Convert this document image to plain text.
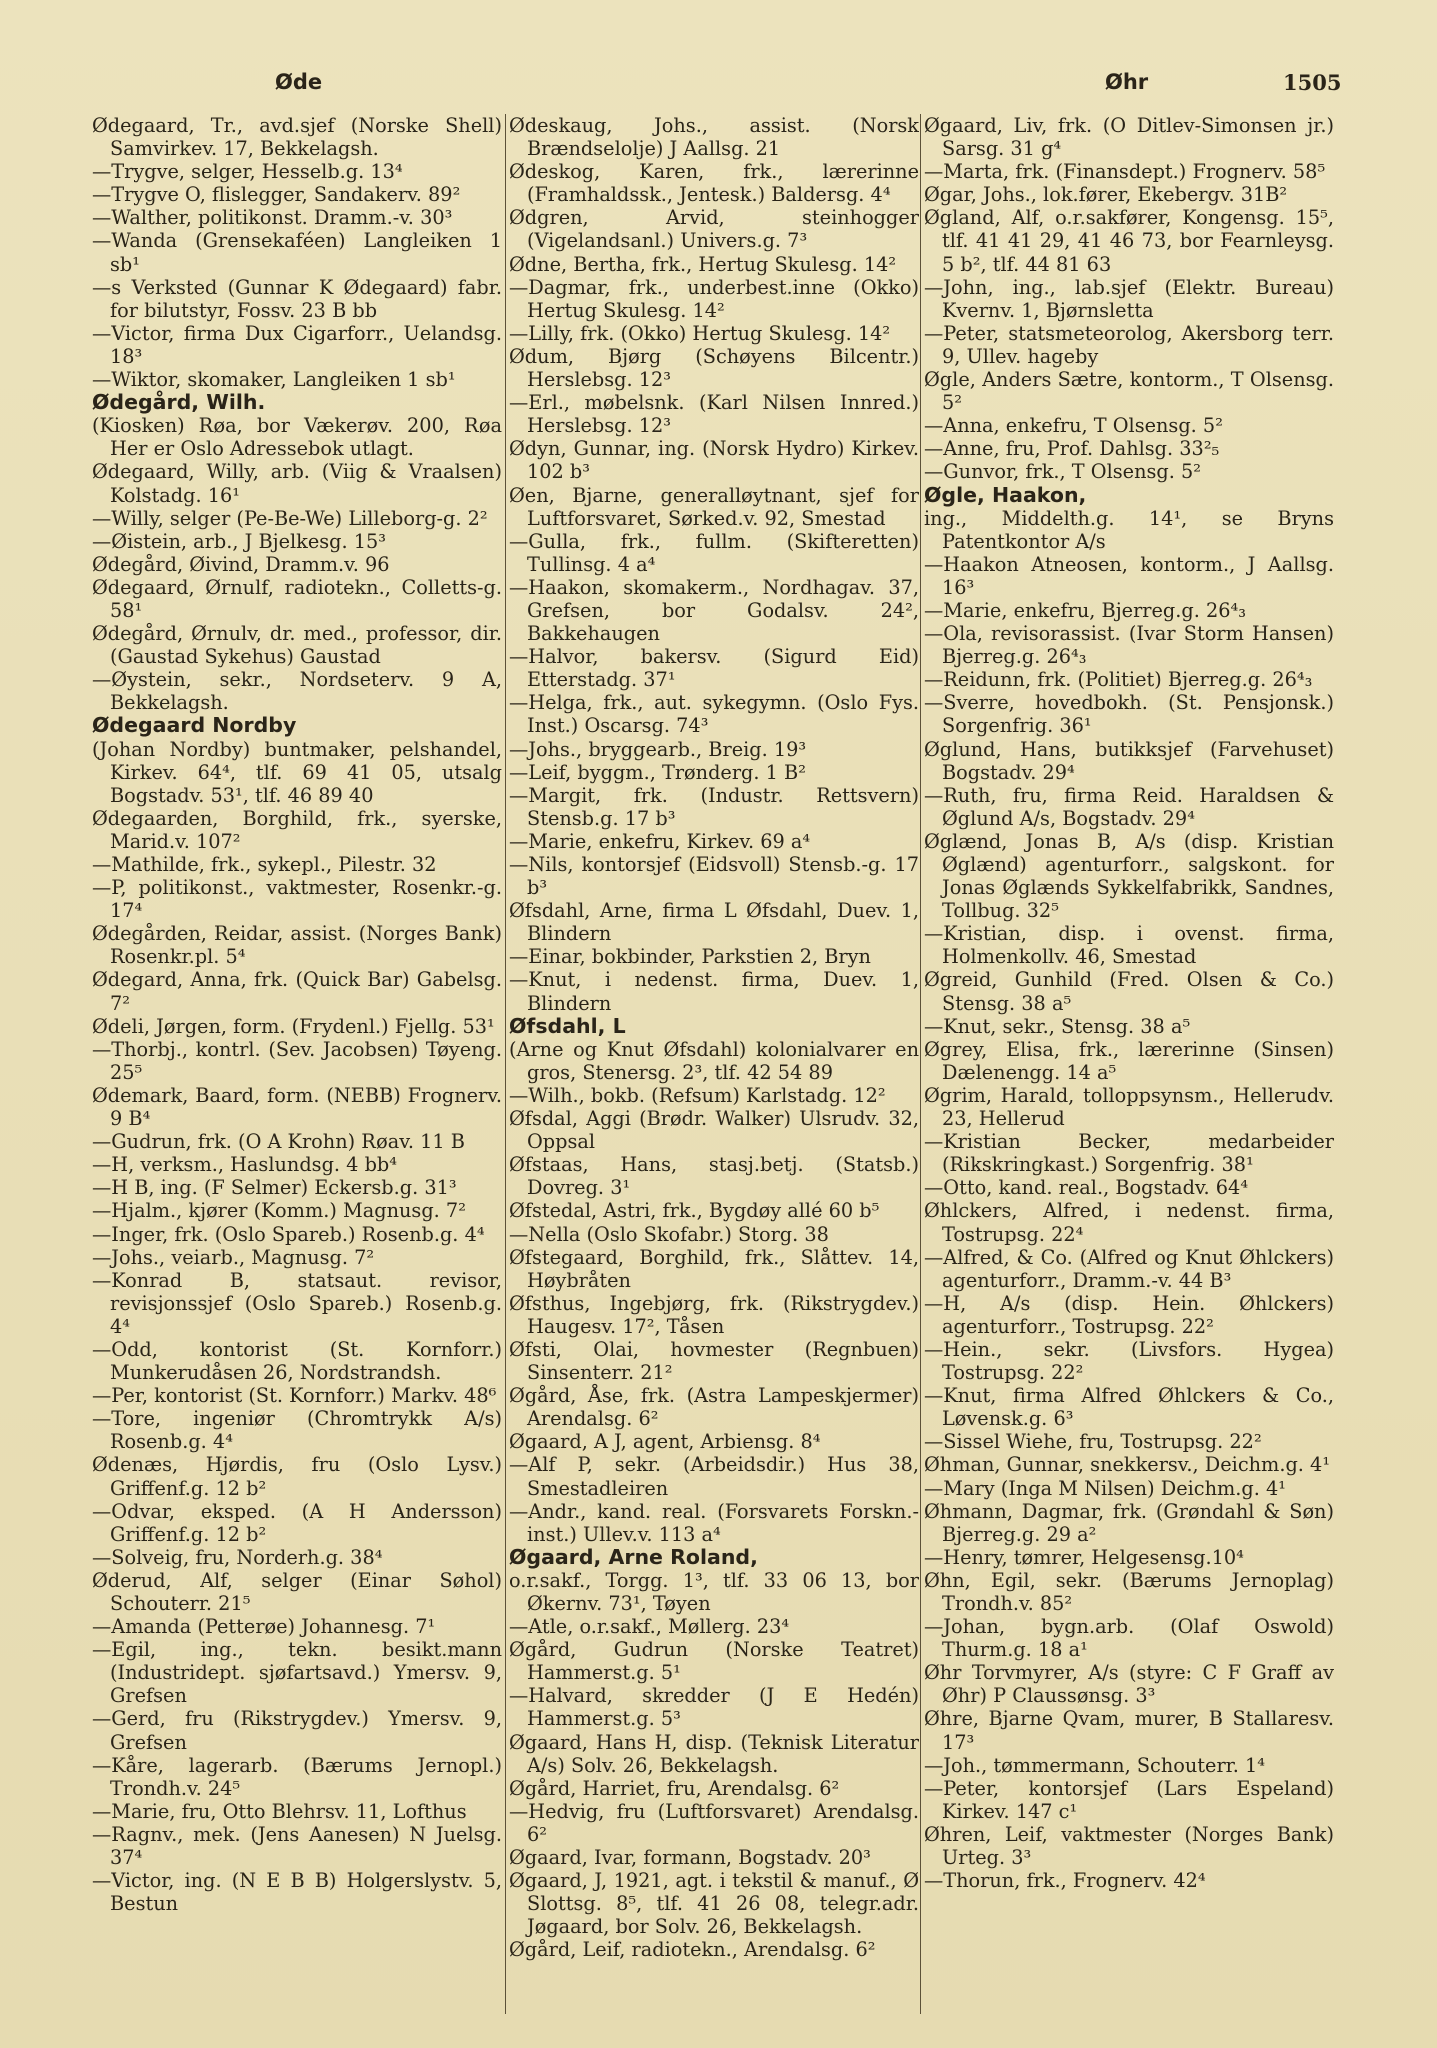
Øde	Øhr	1505

Ødegaard, Tr., avd.sjef (Norske Shell) Samvirkev. 17, Bekkelagsh.

—Trygve, selger, Hesselb.g. 13⁴

—Trygve O, flislegger, Sandakerv. 89²

—Walther, politikonst. Dramm.-v. 30³

—Wanda (Grensekaféen) Langleiken 1 sb¹

—s Verksted (Gunnar K Ødegaard) fabr. for bilutstyr, Fossv. 23 B bb

—Victor, firma Dux Cigarforr., Uelandsg. 18³

—Wiktor, skomaker, Langleiken 1 sb¹

Ødegård, Wilh.

(Kiosken) Røa, bor Vækerøv. 200, Røa Her er Oslo Adressebok utlagt.

Ødegaard, Willy, arb. (Viig & Vraalsen) Kolstadg. 16¹

—Willy, selger (Pe-Be-We) Lilleborg-g. 2²

—Øistein, arb., J Bjelkesg. 15³

Ødegård, Øivind, Dramm.v. 96

Ødegaard, Ørnulf, radiotekn., Colletts-g. 58¹

Ødegård, Ørnulv, dr. med., professor, dir. (Gaustad Sykehus) Gaustad

—Øystein, sekr., Nordseterv. 9 A, Bekkelagsh.

Ødegaard Nordby

(Johan Nordby) buntmaker, pelshandel, Kirkev. 64⁴, tlf. 69 41 05, utsalg Bogstadv. 53¹, tlf. 46 89 40

Ødegaarden, Borghild, frk., syerske, Marid.v. 107²

—Mathilde, frk., sykepl., Pilestr. 32

—P, politikonst., vaktmester, Rosenkr.-g. 17⁴

Ødegården, Reidar, assist. (Norges Bank) Rosenkr.pl. 5⁴

Ødegard, Anna, frk. (Quick Bar) Gabelsg. 7²

Ødeli, Jørgen, form. (Frydenl.) Fjellg. 53¹

—Thorbj., kontrl. (Sev. Jacobsen) Tøyeng. 25⁵

Ødemark, Baard, form. (NEBB) Frognerv. 9 B⁴

—Gudrun, frk. (O A Krohn) Røav. 11 B

—H, verksm., Haslundsg. 4 bb⁴

—H B, ing. (F Selmer) Eckersb.g. 31³

—Hjalm., kjører (Komm.) Magnusg. 7²

—Inger, frk. (Oslo Spareb.) Rosenb.g. 4⁴

—Johs., veiarb., Magnusg. 7²

—Konrad B, statsaut. revisor, revisjonssjef (Oslo Spareb.) Rosenb.g. 4⁴

—Odd, kontorist (St. Kornforr.) Munkerudåsen 26, Nordstrandsh.

—Per, kontorist (St. Kornforr.) Markv. 48⁶

—Tore, ingeniør (Chromtrykk A/s) Rosenb.g. 4⁴

Ødenæs, Hjørdis, fru (Oslo Lysv.) Griffenf.g. 12 b²

—Odvar, eksped. (A H Andersson) Griffenf.g. 12 b²

—Solveig, fru, Norderh.g. 38⁴

Øderud, Alf, selger (Einar Søhol) Schouterr. 21⁵

—Amanda (Petterøe) Johannesg. 7¹

—Egil, ing., tekn. besikt.mann (Industridept. sjøfartsavd.) Ymersv. 9, Grefsen

—Gerd, fru (Rikstrygdev.) Ymersv. 9, Grefsen

—Kåre, lagerarb. (Bærums Jernopl.) Trondh.v. 24⁵

—Marie, fru, Otto Blehrsv. 11, Lofthus

—Ragnv., mek. (Jens Aanesen) N Juelsg. 37⁴

—Victor, ing. (N E B B) Holgerslystv. 5, Bestun

Ødeskaug, Johs., assist. (Norsk Brændselolje) J Aallsg. 21

Ødeskog, Karen, frk., lærerinne (Framhaldssk., Jentesk.) Baldersg. 4⁴

Ødgren, Arvid, steinhogger (Vigelandsanl.) Univers.g. 7³

Ødne, Bertha, frk., Hertug Skulesg. 14²

—Dagmar, frk., underbest.inne (Okko) Hertug Skulesg. 14²

—Lilly, frk. (Okko) Hertug Skulesg. 14²

Ødum, Bjørg (Schøyens Bilcentr.) Herslebsg. 12³

—Erl., møbelsnk. (Karl Nilsen Innred.) Herslebsg. 12³

Ødyn, Gunnar, ing. (Norsk Hydro) Kirkev. 102 b³

Øen, Bjarne, generalløytnant, sjef for Luftforsvaret, Sørked.v. 92, Smestad

—Gulla, frk., fullm. (Skifteretten) Tullinsg. 4 a⁴

—Haakon, skomakerm., Nordhagav. 37, Grefsen, bor Godalsv. 24², Bakkehaugen

—Halvor, bakersv. (Sigurd Eid) Etterstadg. 37¹

—Helga, frk., aut. sykegymn. (Oslo Fys. Inst.) Oscarsg. 74³

—Johs., bryggearb., Breig. 19³

—Leif, byggm., Trønderg. 1 B²

—Margit, frk. (Industr. Rettsvern) Stensb.g. 17 b³

—Marie, enkefru, Kirkev. 69 a⁴

—Nils, kontorsjef (Eidsvoll) Stensb.-g. 17 b³

Øfsdahl, Arne, firma L Øfsdahl, Duev. 1, Blindern

—Einar, bokbinder, Parkstien 2, Bryn

—Knut, i nedenst. firma, Duev. 1, Blindern

Øfsdahl, L

(Arne og Knut Øfsdahl) kolonialvarer en gros, Stenersg. 2³, tlf. 42 54 89

—Wilh., bokb. (Refsum) Karlstadg. 12²

Øfsdal, Aggi (Brødr. Walker) Ulsrudv. 32, Oppsal

Øfstaas, Hans, stasj.betj. (Statsb.) Dovreg. 3¹

Øfstedal, Astri, frk., Bygdøy allé 60 b⁵

—Nella (Oslo Skofabr.) Storg. 38

Øfstegaard, Borghild, frk., Slåttev. 14, Høybråten

Øfsthus, Ingebjørg, frk. (Rikstrygdev.) Haugesv. 17², Tåsen

Øfsti, Olai, hovmester (Regnbuen) Sinsenterr. 21²

Øgård, Åse, frk. (Astra Lampeskjermer) Arendalsg. 6²

Øgaard, A J, agent, Arbiensg. 8⁴

—Alf P, sekr. (Arbeidsdir.) Hus 38, Smestadleiren

—Andr., kand. real. (Forsvarets Forskn.-inst.) Ullev.v. 113 a⁴

Øgaard, Arne Roland,

o.r.sakf., Torgg. 1³, tlf. 33 06 13, bor Økernv. 73¹, Tøyen

—Atle, o.r.sakf., Møllerg. 23⁴

Øgård, Gudrun (Norske Teatret) Hammerst.g. 5¹

—Halvard, skredder (J E Hedén) Hammerst.g. 5³

Øgaard, Hans H, disp. (Teknisk Literatur A/s) Solv. 26, Bekkelagsh.

Øgård, Harriet, fru, Arendalsg. 6²

—Hedvig, fru (Luftforsvaret) Arendalsg. 6²

Øgaard, Ivar, formann, Bogstadv. 20³

Øgaard, J, 1921, agt. i tekstil & manuf., Ø Slottsg. 8⁵, tlf. 41 26 08, telegr.adr. Jøgaard, bor Solv. 26, Bekkelagsh.

Øgård, Leif, radiotekn., Arendalsg. 6²

Øgaard, Liv, frk. (O Ditlev-Simonsen jr.) Sarsg. 31 g⁴

—Marta, frk. (Finansdept.) Frognerv. 58⁵

Øgar, Johs., lok.fører, Ekebergv. 31B²

Øgland, Alf, o.r.sakfører, Kongensg. 15⁵, tlf. 41 41 29, 41 46 73, bor Fearnleysg. 5 b², tlf. 44 81 63

—John, ing., lab.sjef (Elektr. Bureau) Kvernv. 1, Bjørnsletta

—Peter, statsmeteorolog, Akersborg terr. 9, Ullev. hageby

Øgle, Anders Sætre, kontorm., T Olsensg. 5²

—Anna, enkefru, T Olsensg. 5²

—Anne, fru, Prof. Dahlsg. 33²₅

—Gunvor, frk., T Olsensg. 5²

Øgle, Haakon,

ing., Middelth.g. 14¹, se Bryns Patentkontor A/s

—Haakon Atneosen, kontorm., J Aallsg. 16³

—Marie, enkefru, Bjerreg.g. 26⁴₃

—Ola, revisorassist. (Ivar Storm Hansen) Bjerreg.g. 26⁴₃

—Reidunn, frk. (Politiet) Bjerreg.g. 26⁴₃

—Sverre, hovedbokh. (St. Pensjonsk.) Sorgenfrig. 36¹

Øglund, Hans, butikksjef (Farvehuset) Bogstadv. 29⁴

—Ruth, fru, firma Reid. Haraldsen & Øglund A/s, Bogstadv. 29⁴

Øglænd, Jonas B, A/s (disp. Kristian Øglænd) agenturforr., salgskont. for Jonas Øglænds Sykkelfabrikk, Sandnes, Tollbug. 32⁵

—Kristian, disp. i ovenst. firma, Holmenkollv. 46, Smestad

Øgreid, Gunhild (Fred. Olsen & Co.) Stensg. 38 a⁵

—Knut, sekr., Stensg. 38 a⁵

Øgrey, Elisa, frk., lærerinne (Sinsen) Dælenengg. 14 a⁵

Øgrim, Harald, tolloppsynsm., Hellerudv. 23, Hellerud

—Kristian Becker, medarbeider (Rikskringkast.) Sorgenfrig. 38¹

—Otto, kand. real., Bogstadv. 64⁴

Øhlckers, Alfred, i nedenst. firma, Tostrupsg. 22⁴

—Alfred, & Co. (Alfred og Knut Øhlckers) agenturforr., Dramm.-v. 44 B³

—H, A/s (disp. Hein. Øhlckers) agenturforr., Tostrupsg. 22²

—Hein., sekr. (Livsfors. Hygea) Tostrupsg. 22²

—Knut, firma Alfred Øhlckers & Co., Løvensk.g. 6³

—Sissel Wiehe, fru, Tostrupsg. 22²

Øhman, Gunnar, snekkersv., Deichm.g. 4¹

—Mary (Inga M Nilsen) Deichm.g. 4¹

Øhmann, Dagmar, frk. (Grøndahl & Søn) Bjerreg.g. 29 a²

—Henry, tømrer, Helgesensg.10⁴

Øhn, Egil, sekr. (Bærums Jernoplag) Trondh.v. 85²

—Johan, bygn.arb. (Olaf Oswold) Thurm.g. 18 a¹

Øhr Torvmyrer, A/s (styre: C F Graff av Øhr) P Claussønsg. 3³

Øhre, Bjarne Qvam, murer, B Stallaresv. 17³

—Joh., tømmermann, Schouterr. 1⁴

—Peter, kontorsjef (Lars Espeland) Kirkev. 147 c¹

Øhren, Leif, vaktmester (Norges Bank) Urteg. 3³

—Thorun, frk., Frognerv. 42⁴
